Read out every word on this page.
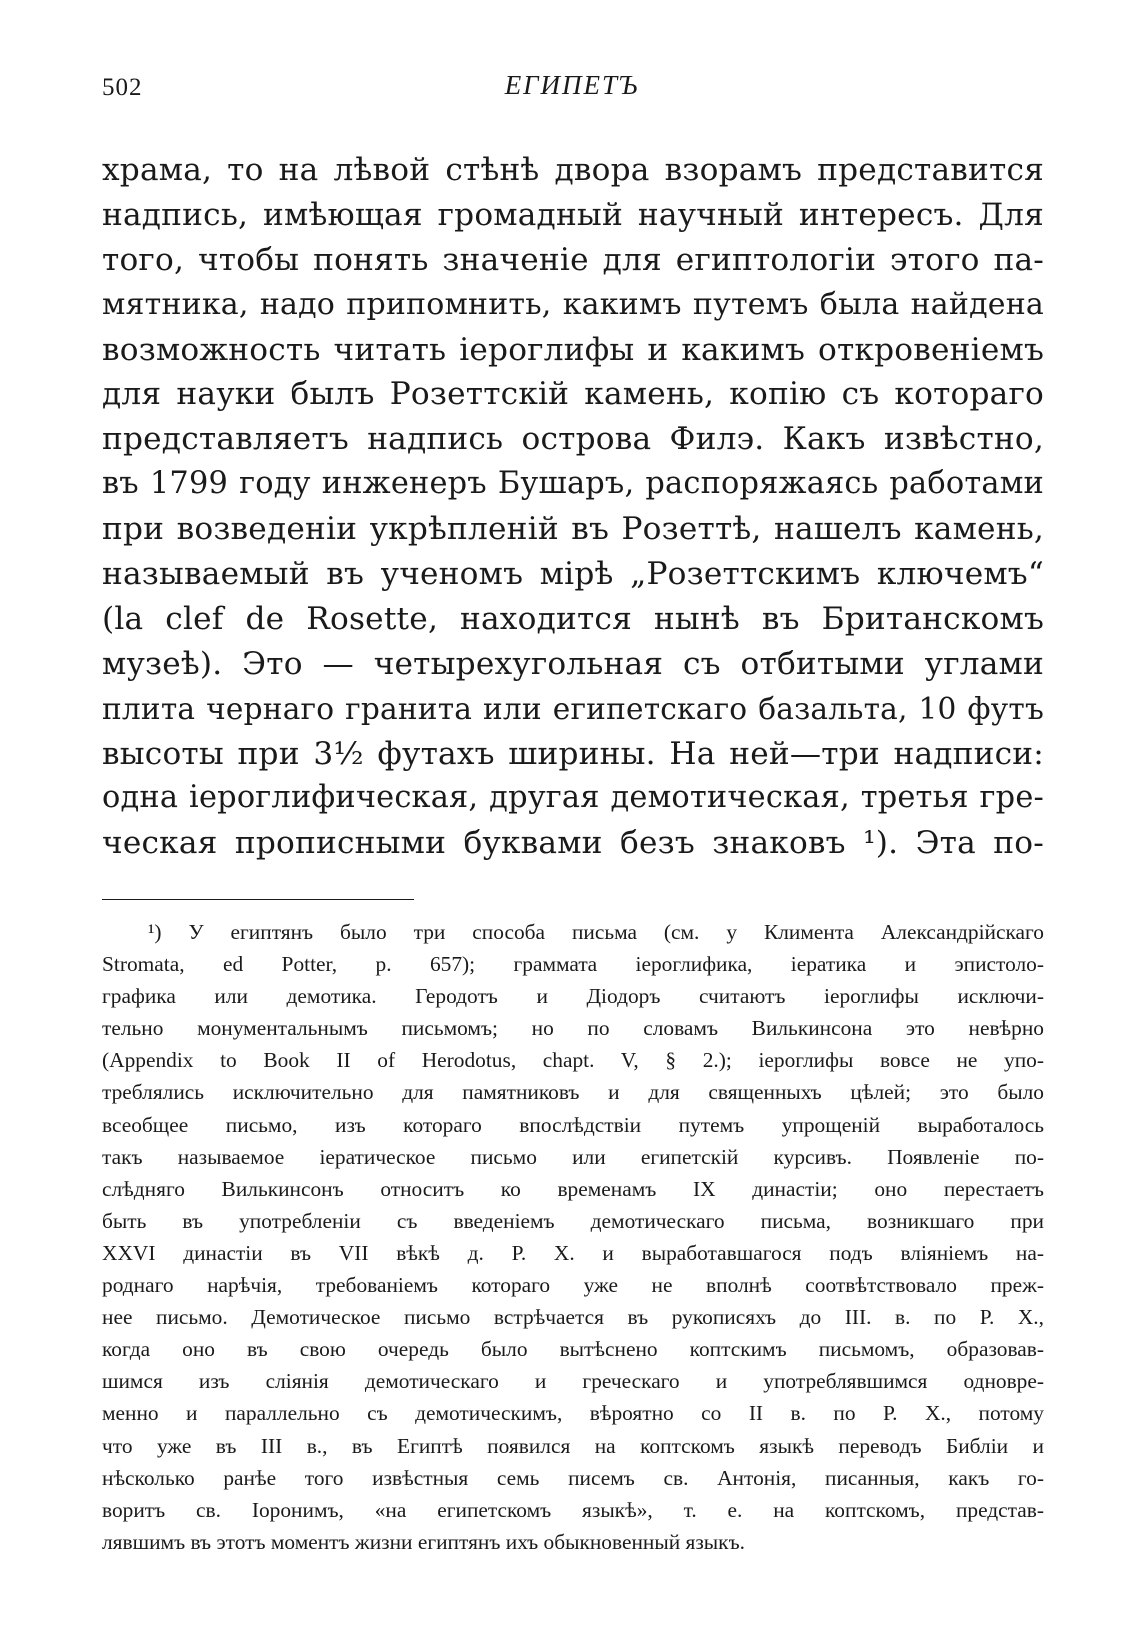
502	ЕГИПЕТЪ
храма, то на лѣвой стѣнѣ двора взорамъ представится
надпись, имѣющая громадный научный интересъ. Для
того, чтобы понять значенiе для египтологiи этого па-
мятника, надо припомнить, какимъ путемъ была найдена
возможность читать iероглифы и какимъ откровенiемъ
для науки былъ Розеттскiй камень, копiю съ котораго
представляетъ надпись острова Филэ. Какъ извѣстно,
въ 1799 году инженеръ Бушаръ, распоряжаясь работами
при возведенiи укрѣпленiй въ Розеттѣ, нашелъ камень,
называемый въ ученомъ мiрѣ „Розеттскимъ ключемъ“
(la clef de Rosette, находится нынѣ въ Британскомъ
музеѣ). Это — четырехугольная съ отбитыми углами
плита чернаго гранита или египетскаго базальта, 10 футъ
высоты при 3½ футахъ ширины. На ней—три надписи:
одна iероглифическая, другая демотическая, третья гре-
ческая прописными буквами безъ знаковъ ¹). Эта по-
¹) У египтянъ было три способа письма (см. у Климента Александрiйскаго
Stromata, ed Potter, p. 657); грамматa iероглифика, iератика и эпистоло-
графика или демотика. Геродотъ и Дiодоръ считаютъ iероглифы исключи-
тельно монументальнымъ письмомъ; но по словамъ Вилькинсона это невѣрно
(Appendix to Book II of Herodotus, chapt. V, § 2.); iероглифы вовсе не упо-
треблялись исключительно для памятниковъ и для священныхъ цѣлей; это было
всеобщее письмо, изъ котораго впослѣдствiи путемъ упрощенiй выработалось
такъ называемое iератическое письмо или египетскiй курсивъ. Появленiе по-
слѣдняго Вилькинсонъ относитъ ко временамъ IX династiи; оно перестаетъ
быть въ употребленiи съ введенiемъ демотическаго письма, возникшаго при
XXVI династiи въ VII вѣкѣ д. Р. Х. и выработавшагося подъ влiянiемъ на-
роднаго нарѣчiя, требованiемъ котораго уже не вполнѣ соотвѣтствовало преж-
нее письмо. Демотическое письмо встрѣчается въ рукописяхъ до III. в. по Р. Х.,
когда оно въ свою очередь было вытѣснено коптскимъ письмомъ, образовав-
шимся изъ слiянiя демотическаго и греческаго и употреблявшимся одновре-
менно и параллельно съ демотическимъ, вѣроятно со II в. по Р. Х., потому
что уже въ III в., въ Египтѣ появился на коптскомъ языкѣ переводъ Библiи и
нѣсколько ранѣе того извѣстныя семь писемъ св. Антонiя, писанныя, какъ го-
воритъ св. Iоронимъ, «на египетскомъ языкѣ», т. е. на коптскомъ, представ-
лявшимъ въ этотъ моментъ жизни египтянъ ихъ обыкновенный языкъ.
